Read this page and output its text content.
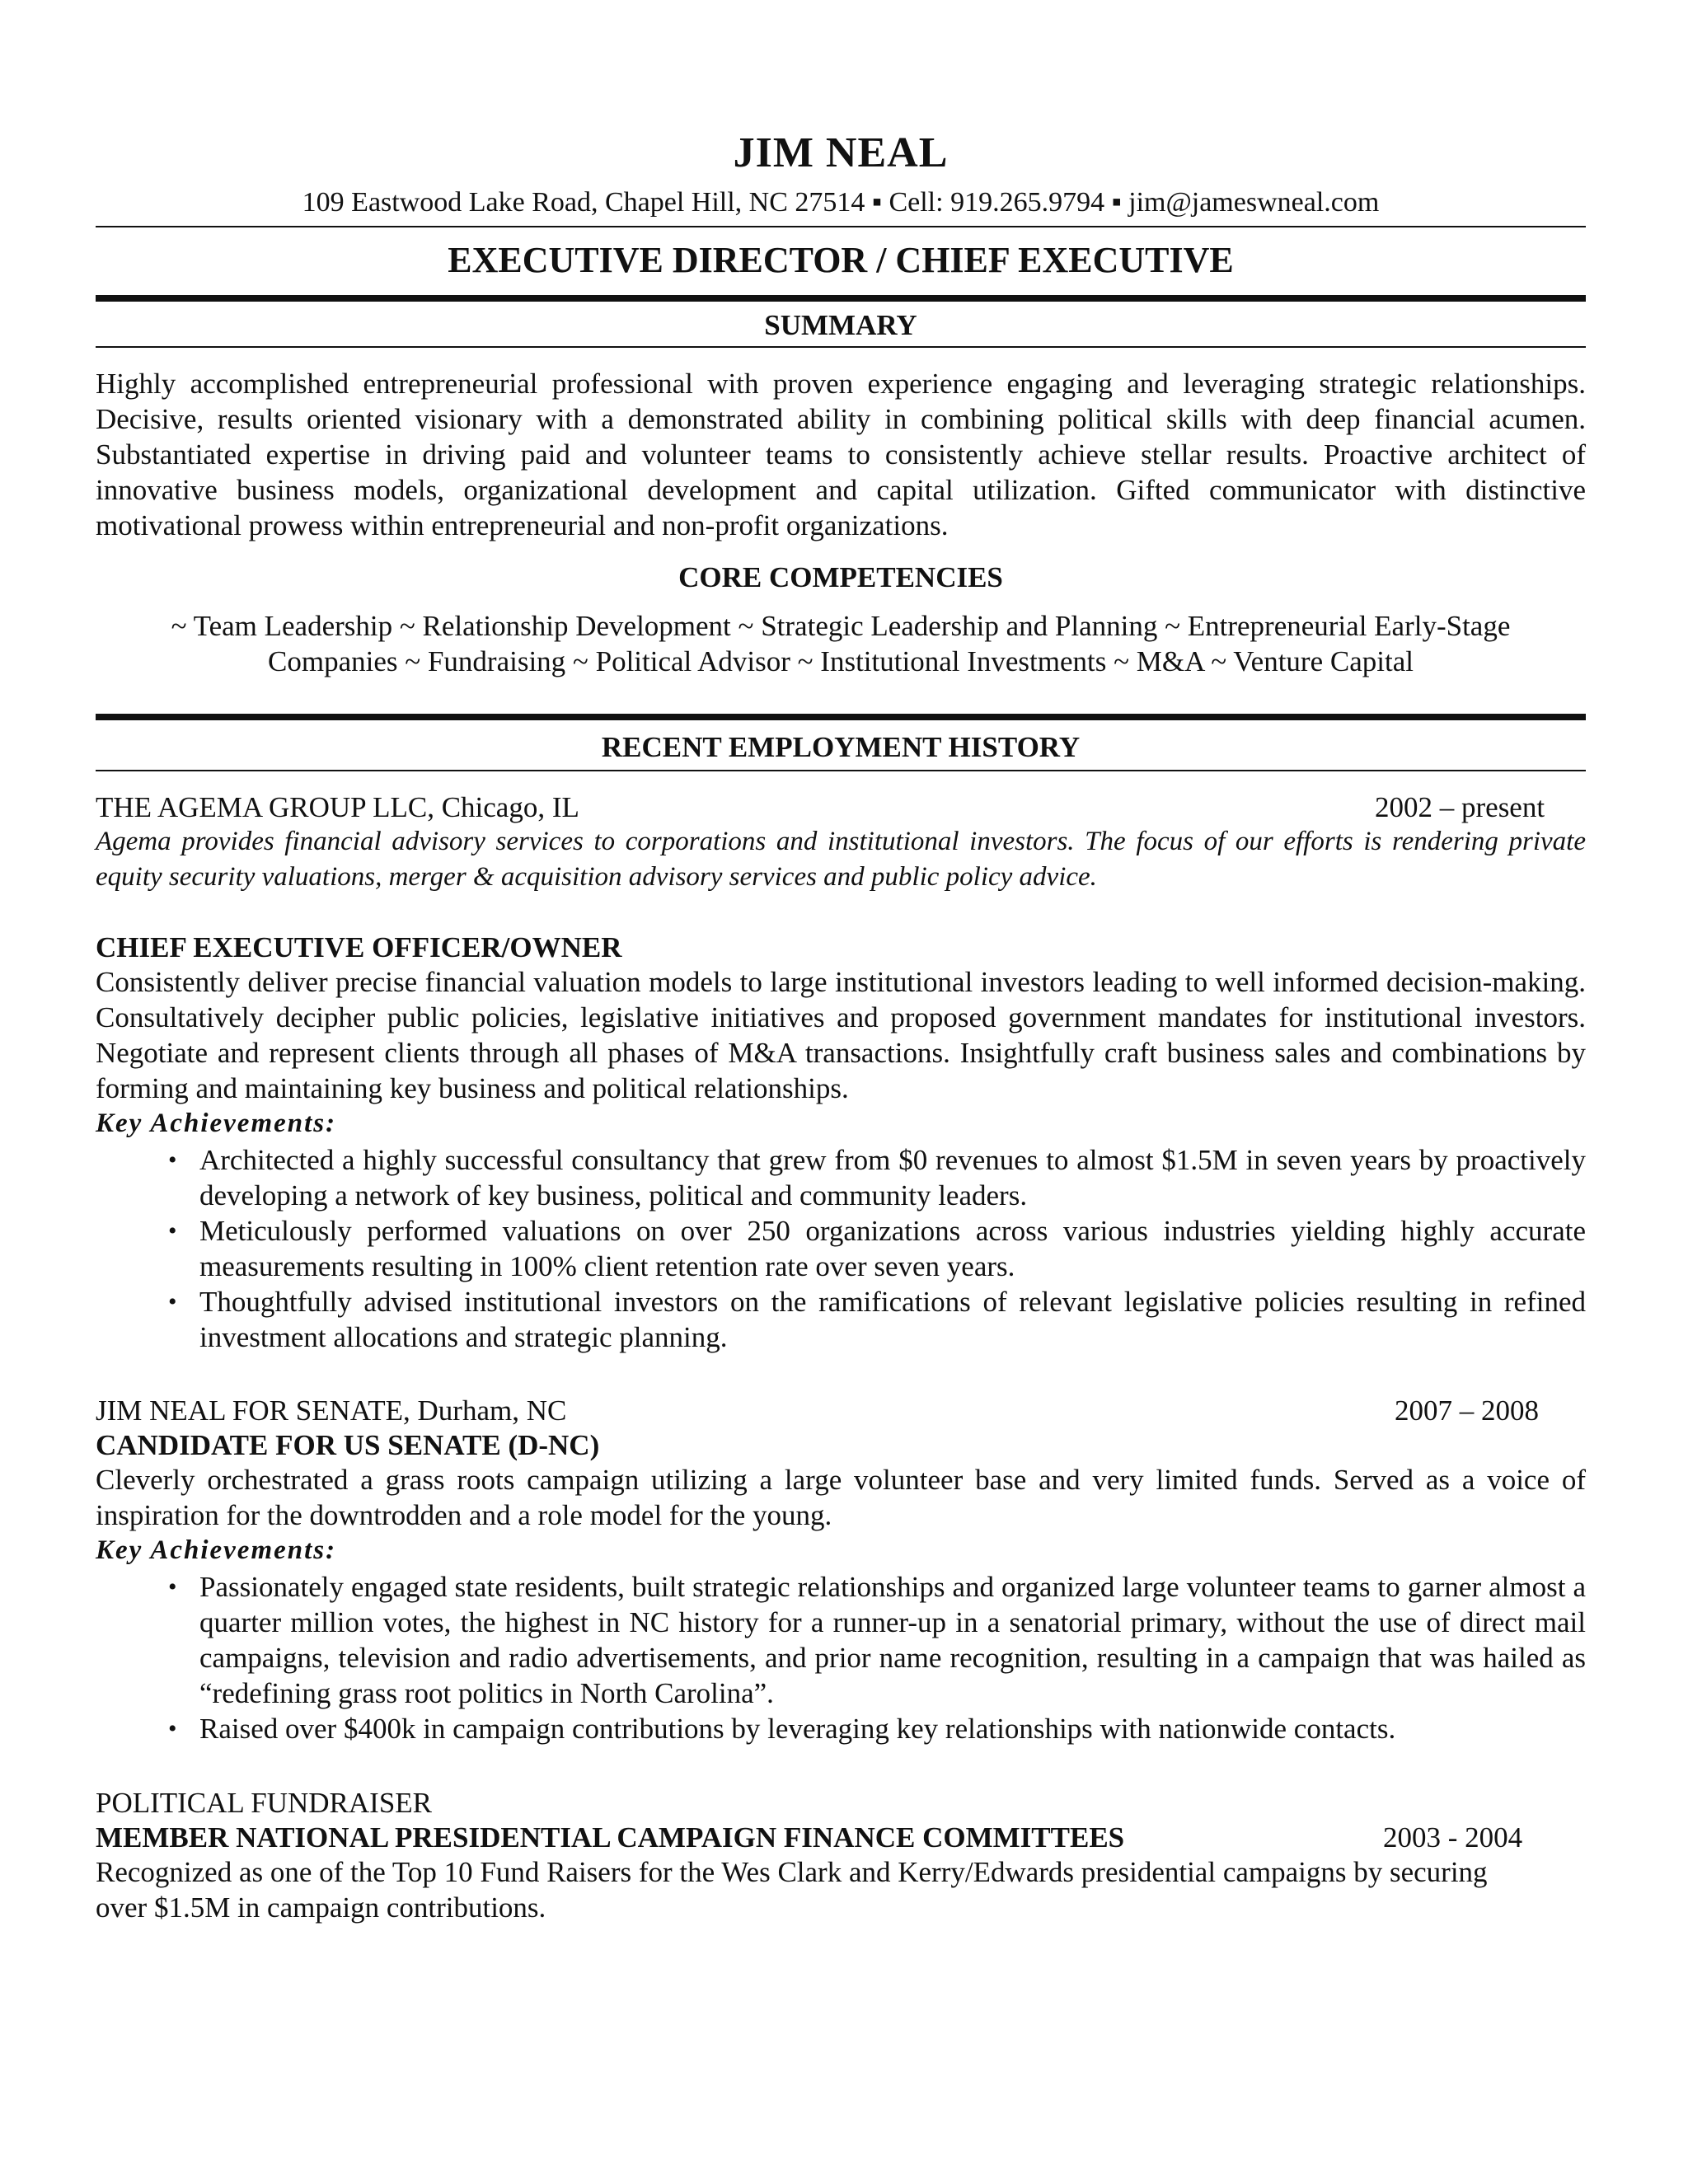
JIM NEAL
109 Eastwood Lake Road, Chapel Hill, NC 27514 ▪ Cell: 919.265.9794 ▪ jim@jameswneal.com
EXECUTIVE DIRECTOR / CHIEF EXECUTIVE
SUMMARY
Highly accomplished entrepreneurial professional with proven experience engaging and leveraging strategic relationships. Decisive, results oriented visionary with a demonstrated ability in combining political skills with deep financial acumen. Substantiated expertise in driving paid and volunteer teams to consistently achieve stellar results. Proactive architect of innovative business models, organizational development and capital utilization. Gifted communicator with distinctive motivational prowess within entrepreneurial and non-profit organizations.
CORE COMPETENCIES
~ Team Leadership ~ Relationship Development ~ Strategic Leadership and Planning ~ Entrepreneurial Early-Stage Companies ~ Fundraising ~ Political Advisor ~ Institutional Investments ~ M&A ~ Venture Capital
RECENT EMPLOYMENT HISTORY
THE AGEMA GROUP LLC, Chicago, IL	2002 – present
Agema provides financial advisory services to corporations and institutional investors. The focus of our efforts is rendering private equity security valuations, merger & acquisition advisory services and public policy advice.
CHIEF EXECUTIVE OFFICER/OWNER
Consistently deliver precise financial valuation models to large institutional investors leading to well informed decision-making. Consultatively decipher public policies, legislative initiatives and proposed government mandates for institutional investors. Negotiate and represent clients through all phases of M&A transactions. Insightfully craft business sales and combinations by forming and maintaining key business and political relationships.
Key Achievements:
• Architected a highly successful consultancy that grew from $0 revenues to almost $1.5M in seven years by proactively developing a network of key business, political and community leaders.
• Meticulously performed valuations on over 250 organizations across various industries yielding highly accurate measurements resulting in 100% client retention rate over seven years.
• Thoughtfully advised institutional investors on the ramifications of relevant legislative policies resulting in refined investment allocations and strategic planning.
JIM NEAL FOR SENATE, Durham, NC	2007 – 2008
CANDIDATE FOR US SENATE (D-NC)
Cleverly orchestrated a grass roots campaign utilizing a large volunteer base and very limited funds. Served as a voice of inspiration for the downtrodden and a role model for the young.
Key Achievements:
• Passionately engaged state residents, built strategic relationships and organized large volunteer teams to garner almost a quarter million votes, the highest in NC history for a runner-up in a senatorial primary, without the use of direct mail campaigns, television and radio advertisements, and prior name recognition, resulting in a campaign that was hailed as “redefining grass root politics in North Carolina”.
• Raised over $400k in campaign contributions by leveraging key relationships with nationwide contacts.
POLITICAL FUNDRAISER
MEMBER NATIONAL PRESIDENTIAL CAMPAIGN FINANCE COMMITTEES	2003 - 2004
Recognized as one of the Top 10 Fund Raisers for the Wes Clark and Kerry/Edwards presidential campaigns by securing over $1.5M in campaign contributions.
